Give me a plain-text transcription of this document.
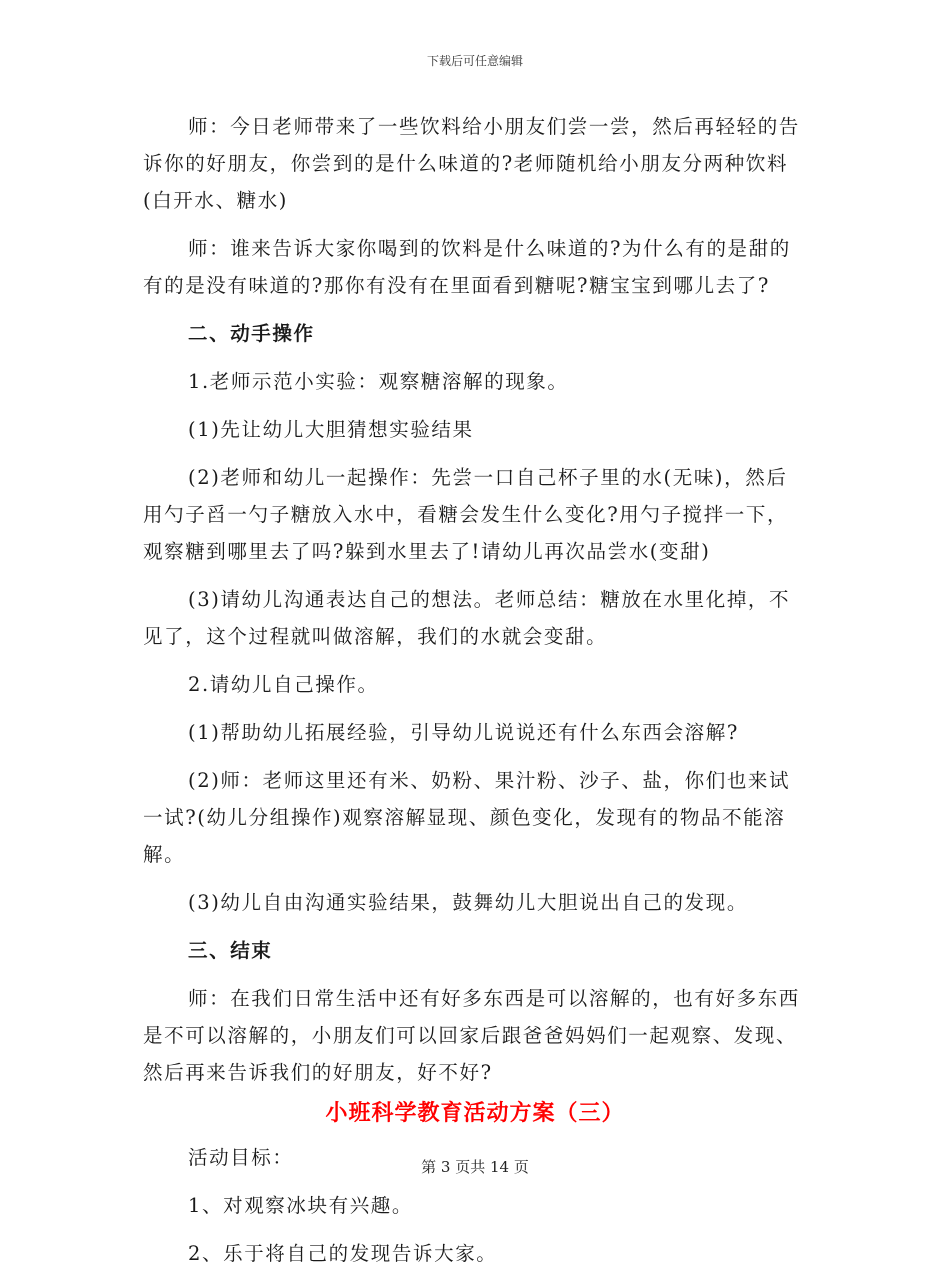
下载后可任意编辑

师：今日老师带来了一些饮料给小朋友们尝一尝，然后再轻轻的告诉你的好朋友，你尝到的是什么味道的?老师随机给小朋友分两种饮料(白开水、糖水)

师：谁来告诉大家你喝到的饮料是什么味道的?为什么有的是甜的有的是没有味道的?那你有没有在里面看到糖呢?糖宝宝到哪儿去了?

二、动手操作

1.老师示范小实验：观察糖溶解的现象。

(1)先让幼儿大胆猜想实验结果

(2)老师和幼儿一起操作：先尝一口自己杯子里的水(无味)，然后用勺子舀一勺子糖放入水中，看糖会发生什么变化?用勺子搅拌一下，观察糖到哪里去了吗?躲到水里去了!请幼儿再次品尝水(变甜)

(3)请幼儿沟通表达自己的想法。老师总结：糖放在水里化掉，不见了，这个过程就叫做溶解，我们的水就会变甜。

2.请幼儿自己操作。

(1)帮助幼儿拓展经验，引导幼儿说说还有什么东西会溶解?

(2)师：老师这里还有米、奶粉、果汁粉、沙子、盐，你们也来试一试?(幼儿分组操作)观察溶解显现、颜色变化，发现有的物品不能溶解。

(3)幼儿自由沟通实验结果，鼓舞幼儿大胆说出自己的发现。

三、结束

师：在我们日常生活中还有好多东西是可以溶解的，也有好多东西是不可以溶解的，小朋友们可以回家后跟爸爸妈妈们一起观察、发现、然后再来告诉我们的好朋友，好不好?

小班科学教育活动方案（三）

活动目标：

1、对观察冰块有兴趣。

2、乐于将自己的发现告诉大家。

第 3 页共 14 页
